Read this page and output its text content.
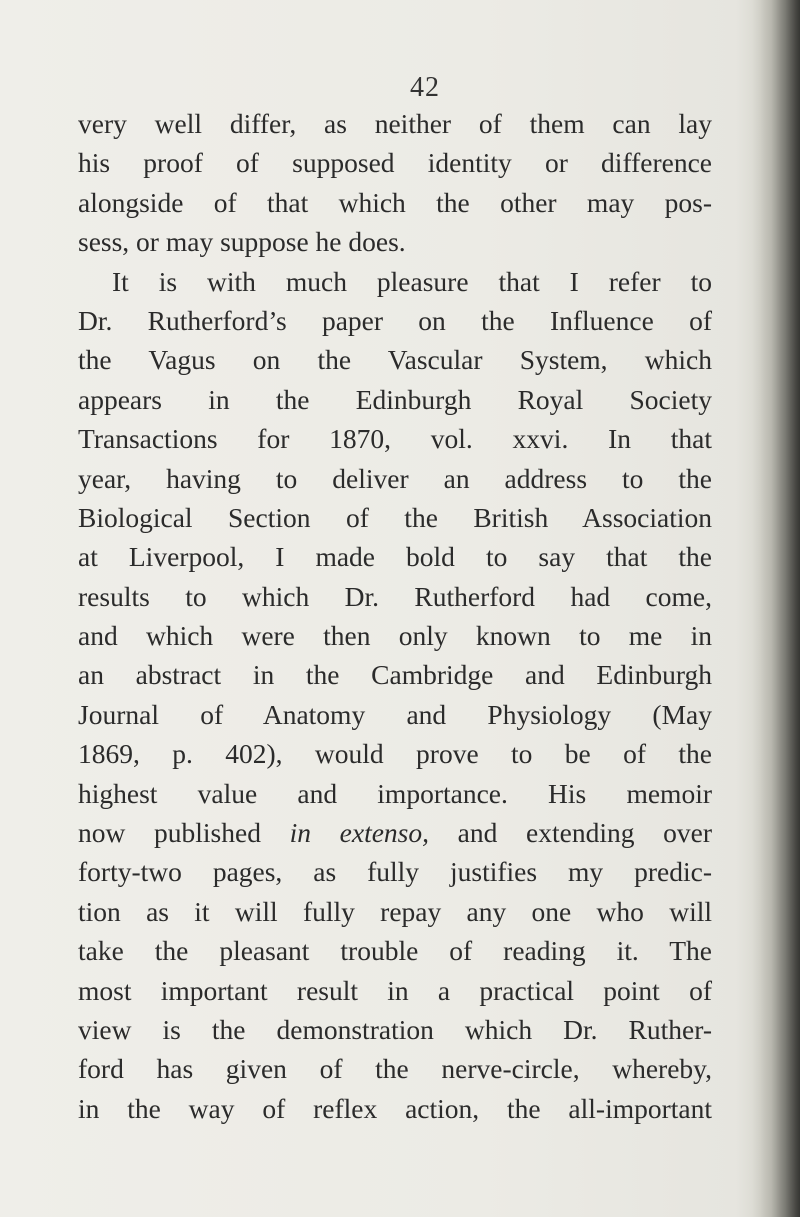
42
very well differ, as neither of them can lay
his proof of supposed identity or difference
alongside of that which the other may pos-
sess, or may suppose he does.
It is with much pleasure that I refer to
Dr. Rutherford’s paper on the Influence of
the Vagus on the Vascular System, which
appears in the Edinburgh Royal Society
Transactions for 1870, vol. xxvi. In that
year, having to deliver an address to the
Biological Section of the British Association
at Liverpool, I made bold to say that the
results to which Dr. Rutherford had come,
and which were then only known to me in
an abstract in the Cambridge and Edinburgh
Journal of Anatomy and Physiology (May
1869, p. 402), would prove to be of the
highest value and importance. His memoir
now published in extenso, and extending over
forty-two pages, as fully justifies my predic-
tion as it will fully repay any one who will
take the pleasant trouble of reading it. The
most important result in a practical point of
view is the demonstration which Dr. Ruther-
ford has given of the nerve-circle, whereby,
in the way of reflex action, the all-important
